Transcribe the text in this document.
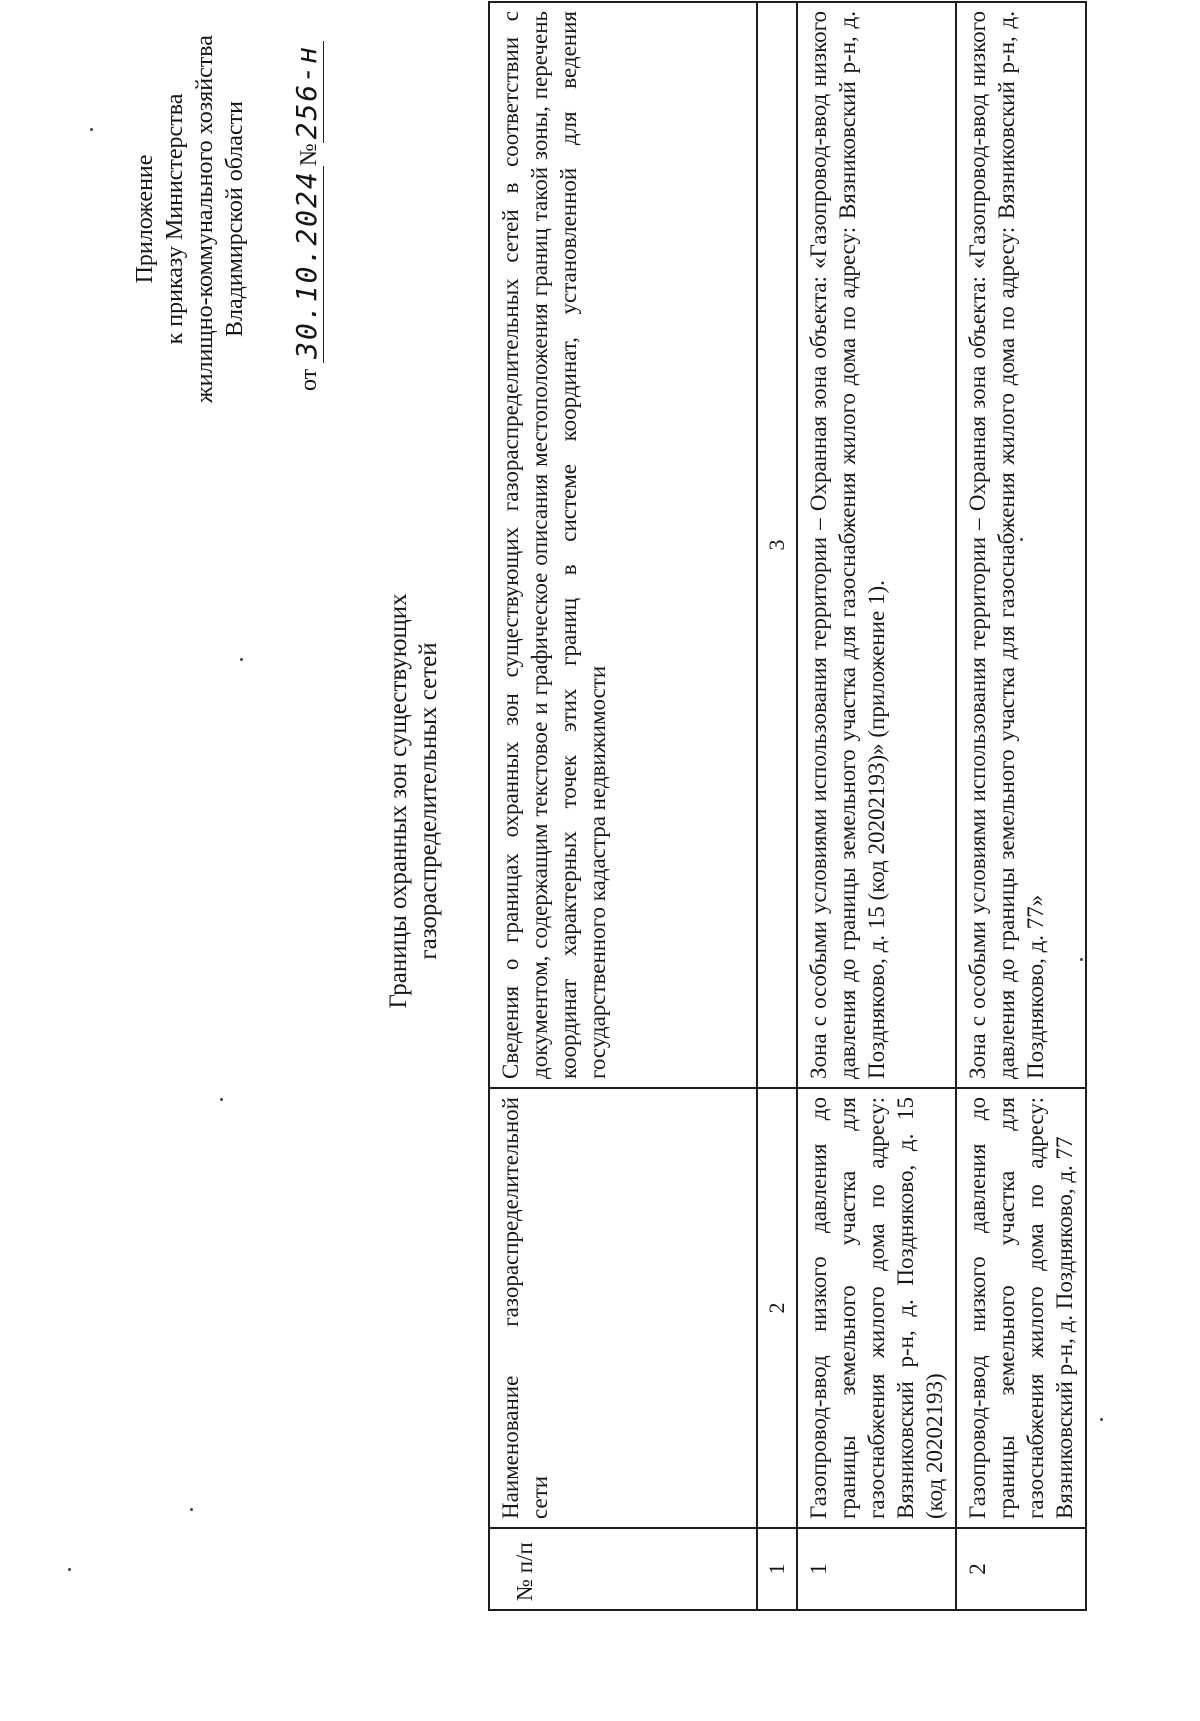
Приложение к приказу Министерства жилищно-коммунального хозяйства Владимирской области
от 30.10.2024№256-н
Границы охранных зон существующих газораспределительных сетей
№ п/п	Наименование газораспределительной сети	Сведения о границах охранных зон существующих газораспределительных сетей в соответствии с документом, содержащим текстовое и графическое описания местоположения границ такой зоны, перечень координат характерных точек этих границ в системе координат, установленной для ведения государственного кадастра недвижимости
1	2	3
1	Газопровод-ввод низкого давления до границы земельного участка для газоснабжения жилого дома по адресу: Вязниковский р-н, д. Поздняково, д. 15 (код 20202193)	Зона с особыми условиями использования территории – Охранная зона объекта: «Газопровод-ввод низкого давления до границы земельного участка для газоснабжения жилого дома по адресу: Вязниковский р-н, д. Поздняково, д. 15 (код 20202193)» (приложение 1).
2	Газопровод-ввод низкого давления до границы земельного участка для газоснабжения жилого дома по адресу: Вязниковский р-н, д. Поздняково, д. 77	Зона с особыми условиями использования территории – Охранная зона объекта: «Газопровод-ввод низкого давления до границы земельного участка для газоснабжения жилого дома по адресу: Вязниковский р-н, д. Поздняково, д. 77»
